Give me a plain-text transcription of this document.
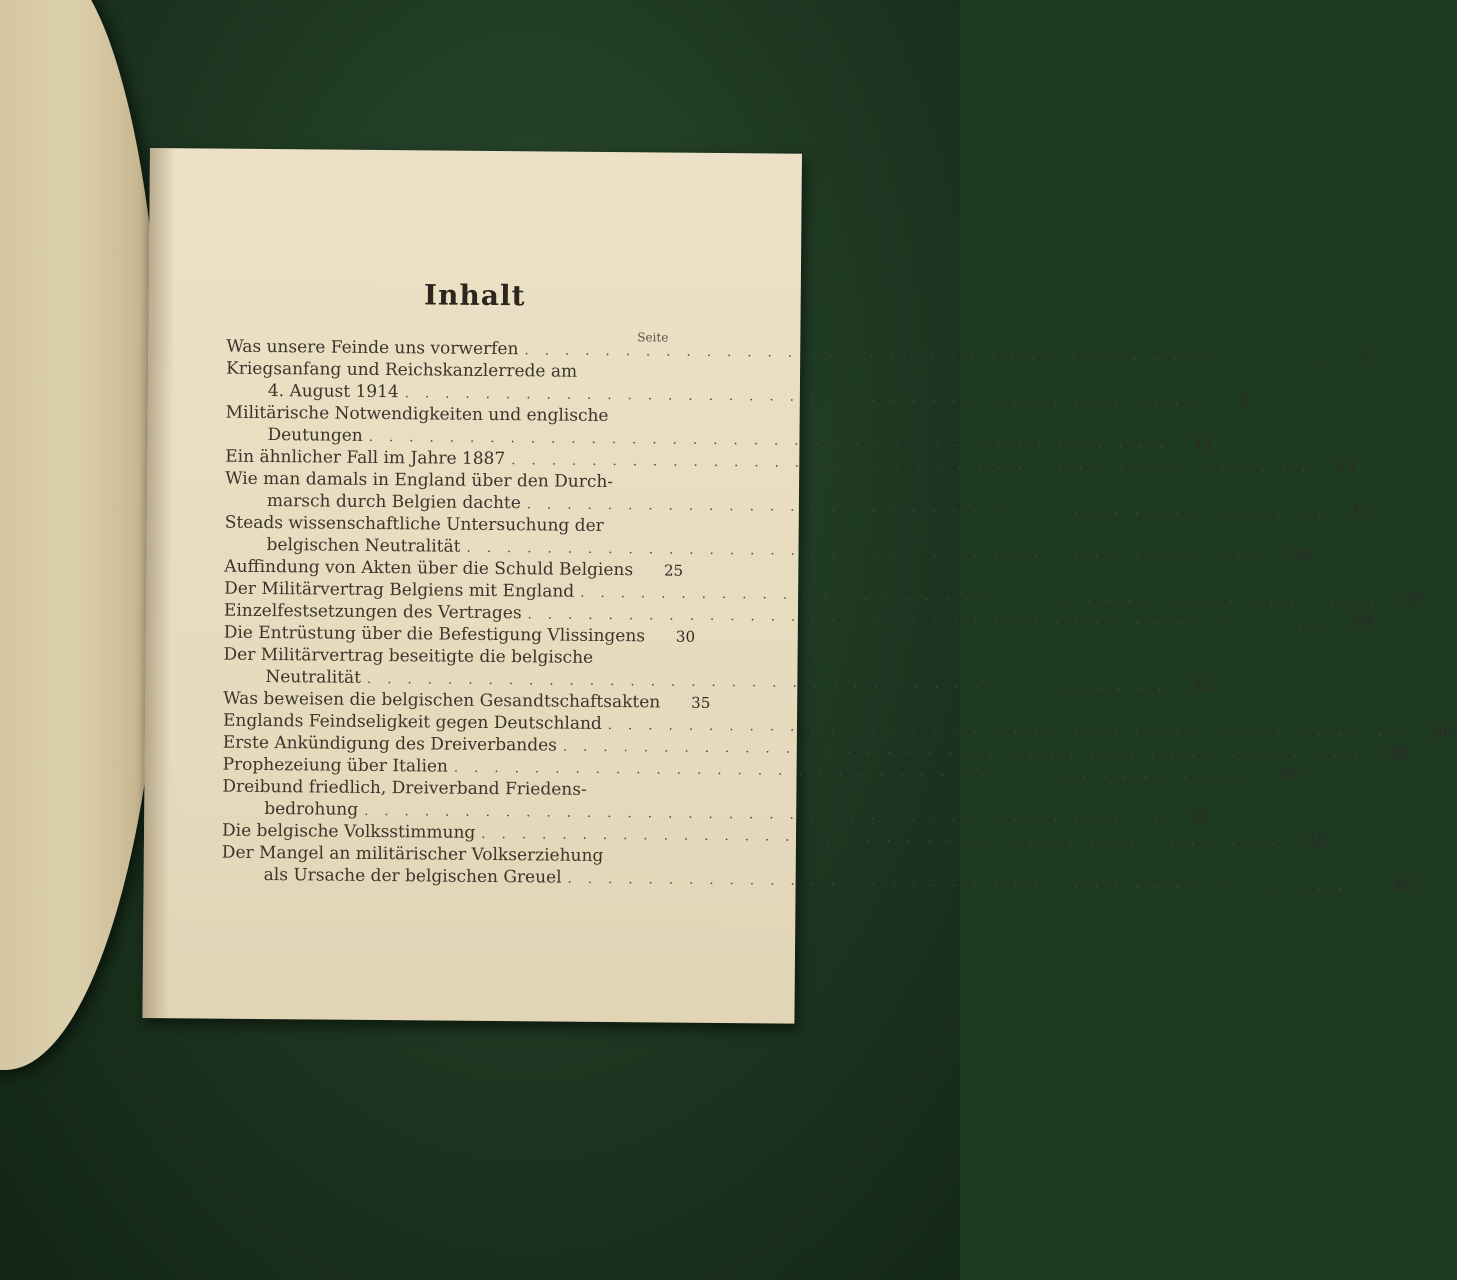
Inhalt
Seite
Was unsere Feinde uns vorwerfen . . . . . . . . . . . . . . . . . . . . . . . . . . . . . . . . . . . . . . . .	5
Kriegsanfang und Reichskanzlerrede am
4. August 1914 . . . . . . . . . . . . . . . . . . . . . . . . . . . . . . . . . . . . . . . .	8
Militärische Notwendigkeiten und englische
Deutungen . . . . . . . . . . . . . . . . . . . . . . . . . . . . . . . . . . . . . . . .	11
Ein ähnlicher Fall im Jahre 1887 . . . . . . . . . . . . . . . . . . . . . . . . . . . . . . . . . . . . . . . .	13
Wie man damals in England über den Durch-
marsch durch Belgien dachte . . . . . . . . . . . . . . . . . . . . . . . . . . . . . . . . . . . . . . . .	17
Steads wissenschaftliche Untersuchung der
belgischen Neutralität . . . . . . . . . . . . . . . . . . . . . . . . . . . . . . . . . . . . . . . .	20
Auffindung von Akten über die Schuld Belgiens	25
Der Militärvertrag Belgiens mit England . . . . . . . . . . . . . . . . . . . . . . . . . . . . . . . . . . . . . . . .	27
Einzelfestsetzungen des Vertrages . . . . . . . . . . . . . . . . . . . . . . . . . . . . . . . . . . . . . . . .	29
Die Entrüstung über die Befestigung Vlissingens	30
Der Militärvertrag beseitigte die belgische
Neutralität . . . . . . . . . . . . . . . . . . . . . . . . . . . . . . . . . . . . . . . .	32
Was beweisen die belgischen Gesandtschaftsakten	35
Englands Feindseligkeit gegen Deutschland . . . . . . . . . . . . . . . . . . . . . . . . . . . . . . . . . . . . . . . .	36
Erste Ankündigung des Dreiverbandes . . . . . . . . . . . . . . . . . . . . . . . . . . . . . . . . . . . . . . . .	38
Prophezeiung über Italien . . . . . . . . . . . . . . . . . . . . . . . . . . . . . . . . . . . . . . . .	40
Dreibund friedlich, Dreiverband Friedens-
bedrohung . . . . . . . . . . . . . . . . . . . . . . . . . . . . . . . . . . . . . . . .	40
Die belgische Volksstimmung . . . . . . . . . . . . . . . . . . . . . . . . . . . . . . . . . . . . . . . .	43
Der Mangel an militärischer Volkserziehung
als Ursache der belgischen Greuel . . . . . . . . . . . . . . . . . . . . . . . . . . . . . . . . . . . . . . . .	46
